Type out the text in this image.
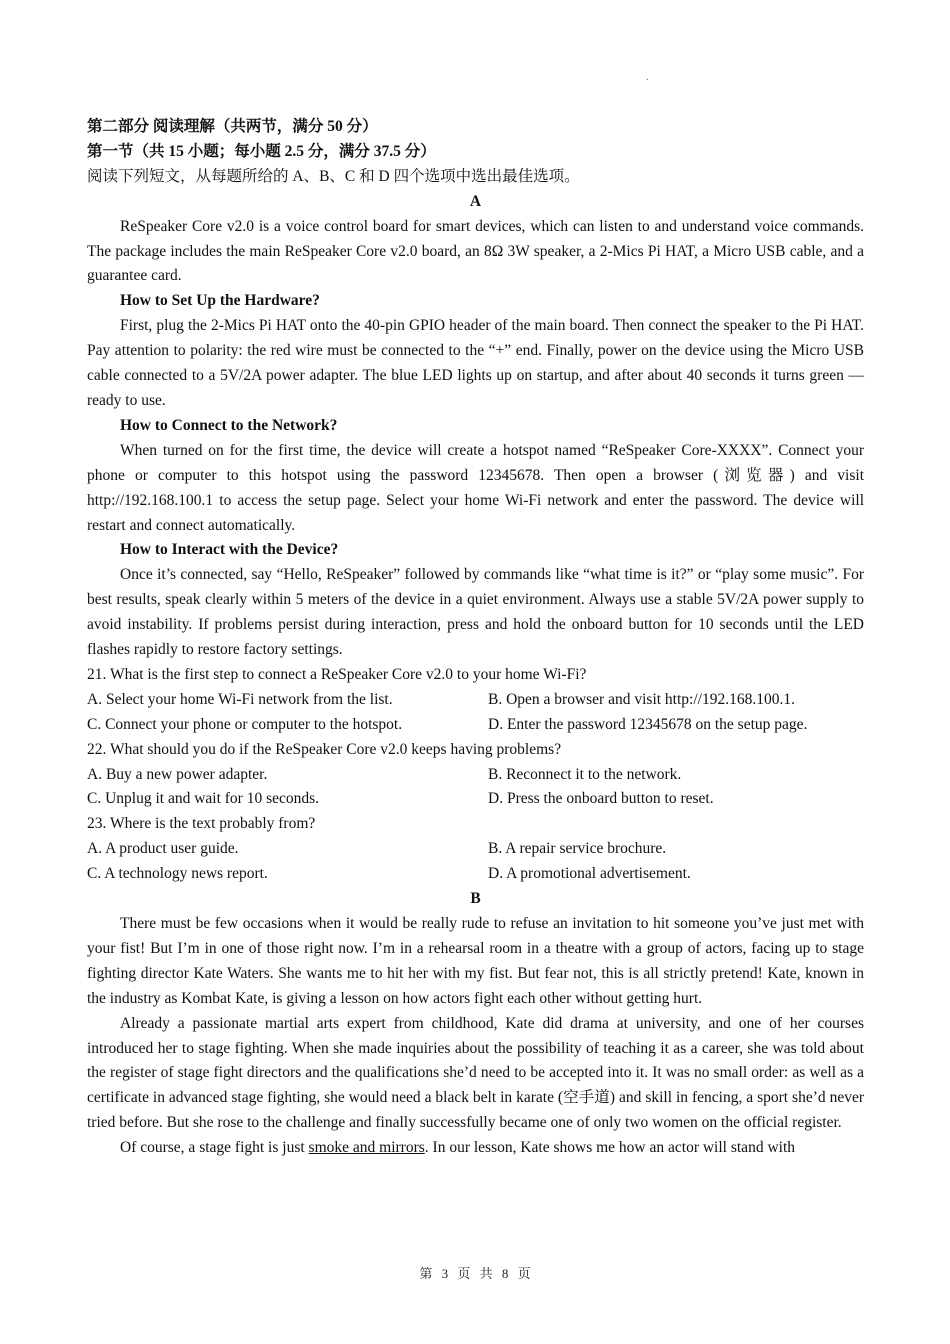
.

第二部分 阅读理解（共两节，满分 50 分）

第一节（共 15 小题；每小题 2.5 分，满分 37.5 分）

阅读下列短文，从每题所给的 A、B、C 和 D 四个选项中选出最佳选项。

A

ReSpeaker Core v2.0 is a voice control board for smart devices, which can listen to and understand voice commands. The package includes the main ReSpeaker Core v2.0 board, an 8Ω 3W speaker, a 2-Mics Pi HAT, a Micro USB cable, and a guarantee card.

How to Set Up the Hardware?

First, plug the 2-Mics Pi HAT onto the 40-pin GPIO header of the main board. Then connect the speaker to the Pi HAT. Pay attention to polarity: the red wire must be connected to the “+” end. Finally, power on the device using the Micro USB cable connected to a 5V/2A power adapter. The blue LED lights up on startup, and after about 40 seconds it turns green — ready to use.

How to Connect to the Network?

When turned on for the first time, the device will create a hotspot named “ReSpeaker Core-XXXX”. Connect your phone or computer to this hotspot using the password 12345678. Then open a browser (浏览器) and visit http://192.168.100.1 to access the setup page. Select your home Wi-Fi network and enter the password. The device will restart and connect automatically.

How to Interact with the Device?

Once it’s connected, say “Hello, ReSpeaker” followed by commands like “what time is it?” or “play some music”. For best results, speak clearly within 5 meters of the device in a quiet environment. Always use a stable 5V/2A power supply to avoid instability. If problems persist during interaction, press and hold the onboard button for 10 seconds until the LED flashes rapidly to restore factory settings.

21. What is the first step to connect a ReSpeaker Core v2.0 to your home Wi-Fi?

A. Select your home Wi-Fi network from the list.	B. Open a browser and visit http://192.168.100.1.
C. Connect your phone or computer to the hotspot.	D. Enter the password 12345678 on the setup page.

22. What should you do if the ReSpeaker Core v2.0 keeps having problems?

A. Buy a new power adapter.	B. Reconnect it to the network.
C. Unplug it and wait for 10 seconds.	D. Press the onboard button to reset.

23. Where is the text probably from?

A. A product user guide.	B. A repair service brochure.
C. A technology news report.	D. A promotional advertisement.

B

There must be few occasions when it would be really rude to refuse an invitation to hit someone you’ve just met with your fist! But I’m in one of those right now. I’m in a rehearsal room in a theatre with a group of actors, facing up to stage fighting director Kate Waters. She wants me to hit her with my fist. But fear not, this is all strictly pretend! Kate, known in the industry as Kombat Kate, is giving a lesson on how actors fight each other without getting hurt.

Already a passionate martial arts expert from childhood, Kate did drama at university, and one of her courses introduced her to stage fighting. When she made inquiries about the possibility of teaching it as a career, she was told about the register of stage fight directors and the qualifications she’d need to be accepted into it. It was no small order: as well as a certificate in advanced stage fighting, she would need a black belt in karate (空手道) and skill in fencing, a sport she’d never tried before. But she rose to the challenge and finally successfully became one of only two women on the official register.

Of course, a stage fight is just smoke and mirrors. In our lesson, Kate shows me how an actor will stand with

第 3 页 共 8 页
